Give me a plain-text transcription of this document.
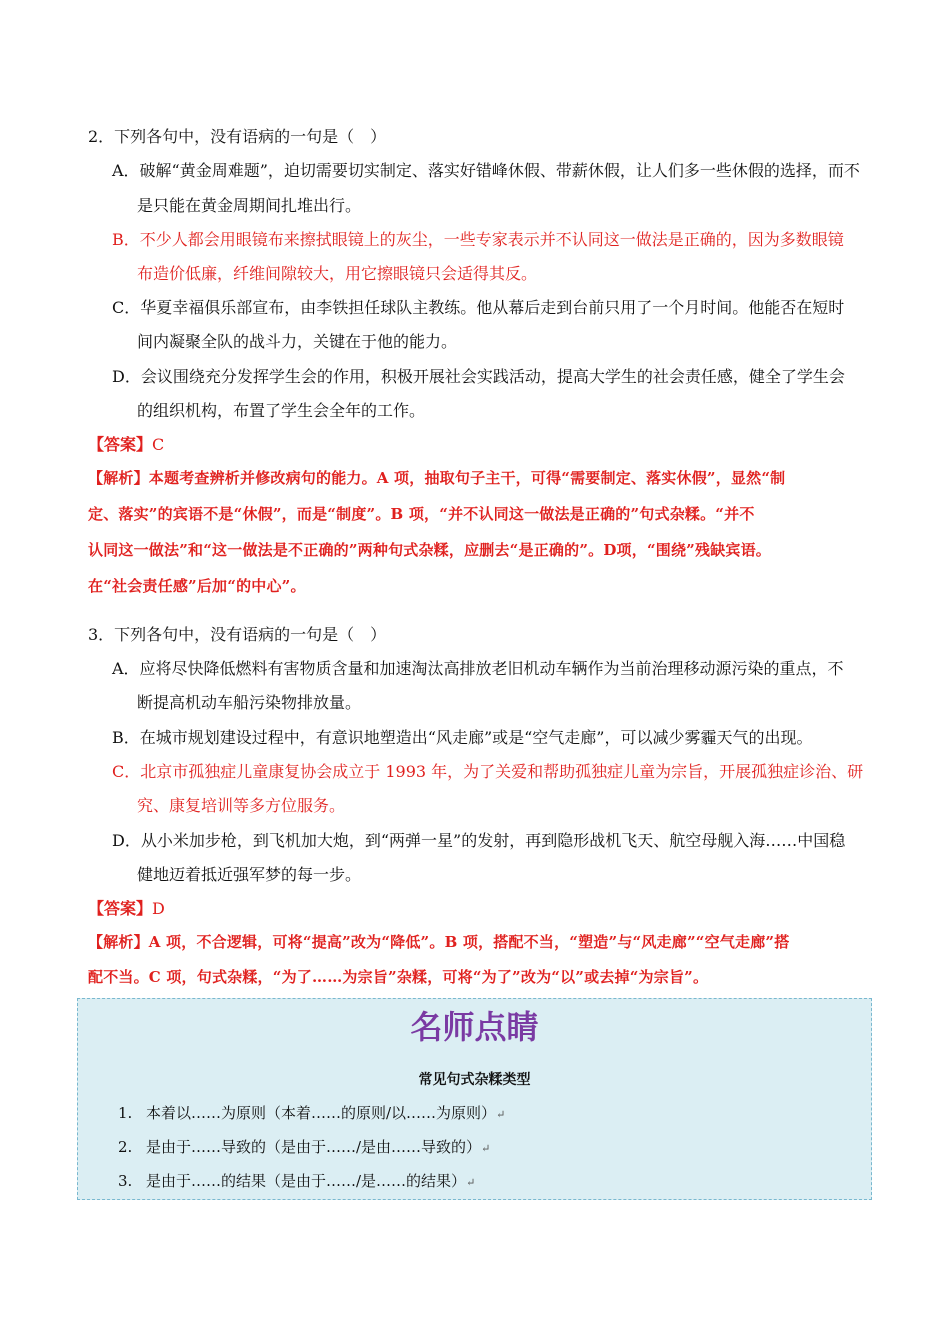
2．下列各句中，没有语病的一句是（　）
A．破解“黄金周难题”，迫切需要切实制定、落实好错峰休假、带薪休假，让人们多一些休假的选择，而不
是只能在黄金周期间扎堆出行。
B．不少人都会用眼镜布来擦拭眼镜上的灰尘，一些专家表示并不认同这一做法是正确的，因为多数眼镜
布造价低廉，纤维间隙较大，用它擦眼镜只会适得其反。
C．华夏幸福俱乐部宣布，由李铁担任球队主教练。他从幕后走到台前只用了一个月时间。他能否在短时
间内凝聚全队的战斗力，关键在于他的能力。
D．会议围绕充分发挥学生会的作用，积极开展社会实践活动，提高大学生的社会责任感，健全了学生会
的组织机构，布置了学生会全年的工作。
【答案】C
【解析】本题考查辨析并修改病句的能力。A 项，抽取句子主干，可得“需要制定、落实休假”，显然“制
定、落实”的宾语不是“休假”，而是“制度”。B 项，“并不认同这一做法是正确的”句式杂糅。“并不
认同这一做法”和“这一做法是不正确的”两种句式杂糅，应删去“是正确的”。D项，“围绕”残缺宾语。
在“社会责任感”后加“的中心”。
3．下列各句中，没有语病的一句是（　）
A．应将尽快降低燃料有害物质含量和加速淘汰高排放老旧机动车辆作为当前治理移动源污染的重点，不
断提高机动车船污染物排放量。
B．在城市规划建设过程中，有意识地塑造出“风走廊”或是“空气走廊”，可以减少雾霾天气的出现。
C．北京市孤独症儿童康复协会成立于 1993 年，为了关爱和帮助孤独症儿童为宗旨，开展孤独症诊治、研
究、康复培训等多方位服务。
D．从小米加步枪，到飞机加大炮，到“两弹一星”的发射，再到隐形战机飞天、航空母舰入海……中国稳
健地迈着抵近强军梦的每一步。
【答案】D
【解析】A 项，不合逻辑，可将“提高”改为“降低”。B 项，搭配不当，“塑造”与“风走廊”“空气走廊”搭
配不当。C 项，句式杂糅，“为了……为宗旨”杂糅，可将“为了”改为“以”或去掉“为宗旨”。
名师点睛
常见句式杂糅类型
1. 本着以……为原则（本着……的原则/以……为原则）↵
2. 是由于……导致的（是由于……/是由……导致的）↵
3. 是由于……的结果（是由于……/是……的结果）↵
